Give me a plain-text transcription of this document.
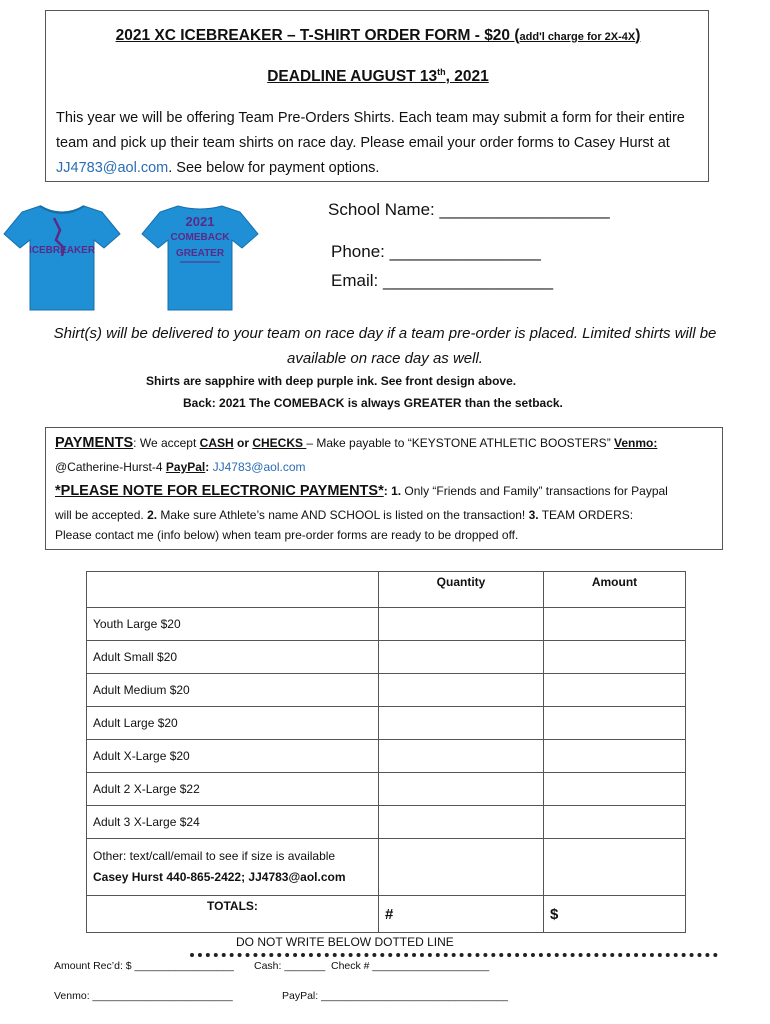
2021 XC ICEBREAKER – T-SHIRT ORDER FORM - $20 (add'l charge for 2X-4X)
DEADLINE AUGUST 13th, 2021
This year we will be offering Team Pre-Orders Shirts. Each team may submit a form for their entire team and pick up their team shirts on race day. Please email your order forms to Casey Hurst at JJ4783@aol.com. See below for payment options.
ICEBREAKER
2021
COMEBACK
GREATER
School Name: __________________
Phone: ________________
Email: __________________
Shirt(s) will be delivered to your team on race day if a team pre-order is placed. Limited shirts will be available on race day as well.
Shirts are sapphire with deep purple ink. See front design above.
Back: 2021 The COMEBACK is always GREATER than the setback.
PAYMENTS: We accept CASH or CHECKS – Make payable to “KEYSTONE ATHLETIC BOOSTERS” Venmo:
@Catherine-Hurst-4 PayPal: JJ4783@aol.com
*PLEASE NOTE FOR ELECTRONIC PAYMENTS*: 1. Only “Friends and Family” transactions for Paypal
will be accepted. 2. Make sure Athlete’s name AND SCHOOL is listed on the transaction! 3. TEAM ORDERS:
Please contact me (info below) when team pre-order forms are ready to be dropped off.
	Quantity	Amount
Youth Large $20		
Adult Small $20		
Adult Medium $20		
Adult Large $20		
Adult X-Large $20		
Adult 2 X-Large $22		
Adult 3 X-Large $24		

Other: text/call/email to see if size is available
Casey Hurst 440-865-2422; JJ4783@aol.com		

TOTALS:	#	$
DO NOT WRITE BELOW DOTTED LINE
Amount Rec’d: $ _________________ Cash: _______ Check # ____________________
Venmo: ________________________	PayPal: ________________________________
